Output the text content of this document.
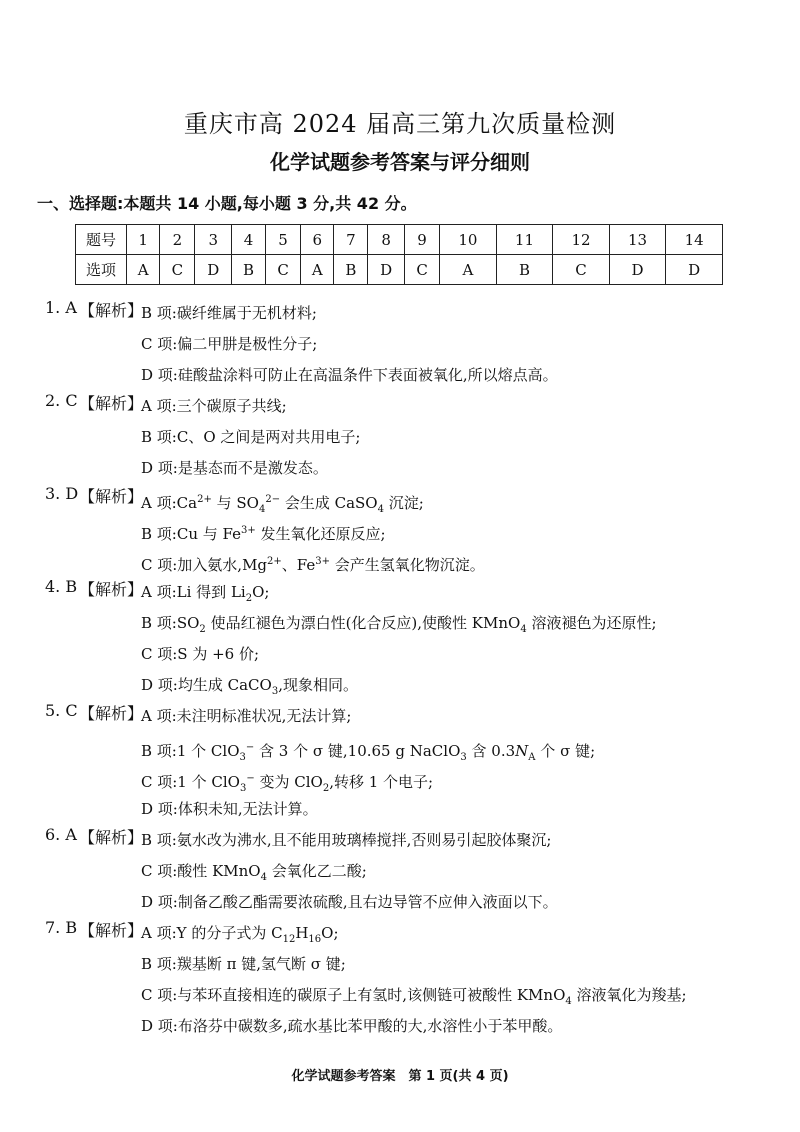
重庆市高 2024 届高三第九次质量检测
化学试题参考答案与评分细则
一、选择题:本题共 14 小题,每小题 3 分,共 42 分。
题号	1	2	3	4	5	6	7	8	9	10	11	12	13	14
选项	A	C	D	B	C	A	B	D	C	A	B	C	D	D
1. A 【解析】
B 项:碳纤维属于无机材料;
C 项:偏二甲肼是极性分子;
D 项:硅酸盐涂料可防止在高温条件下表面被氧化,所以熔点高。
2. C 【解析】
A 项:三个碳原子共线;
B 项:C、O 之间是两对共用电子;
D 项:是基态而不是激发态。
3. D 【解析】
A 项$:Ca^{2+}$ 与 $SO_4^{2-}$ 会生成 CaSO$_4$ 沉淀;
B 项:Cu 与 $Fe^{3+}$ 发生氧化还原反应;
C 项:加入氨水$,Mg^{2+}$、$Fe^{3+}$ 会产生氢氧化物沉淀。
4. B 【解析】
A 项:Li 得到 $Li_2O$;
B 项$:SO_2$ 使品红褪色为漂白性(化合反应),使酸性 KMnO$_4$ 溶液褪色为还原性;
C 项:S 为 +6 价;
D 项:均生成 CaCO$_3$,现象相同。
5. C 【解析】
A 项:未注明标准状况,无法计算;
B 项:1 个 ClO$_3$− 含 3 个 σ 键,10.65 g NaClO$_3$ 含 $0.3N_A$ 个 σ 键;
C 项:1 个 ClO$_3$− 变为 ClO$_2$,转移 1 个电子;
D 项:体积未知,无法计算。
6. A 【解析】
B 项:氨水改为沸水,且不能用玻璃棒搅拌,否则易引起胶体聚沉;
C 项:酸性 KMnO$_4$ 会氧化乙二酸;
D 项:制备乙酸乙酯需要浓硫酸,且右边导管不应伸入液面以下。
7. B 【解析】
A 项:Y 的分子式为 $C_{12}H_{16}O$;
B 项:羰基断 π 键,氢气断 σ 键;
C 项:与苯环直接相连的碳原子上有氢时,该侧链可被酸性 KMnO$_4$ 溶液氧化为羧基;
D 项:布洛芬中碳数多,疏水基比苯甲酸的大,水溶性小于苯甲酸。
化学试题参考答案　第 1 页(共 4 页)
